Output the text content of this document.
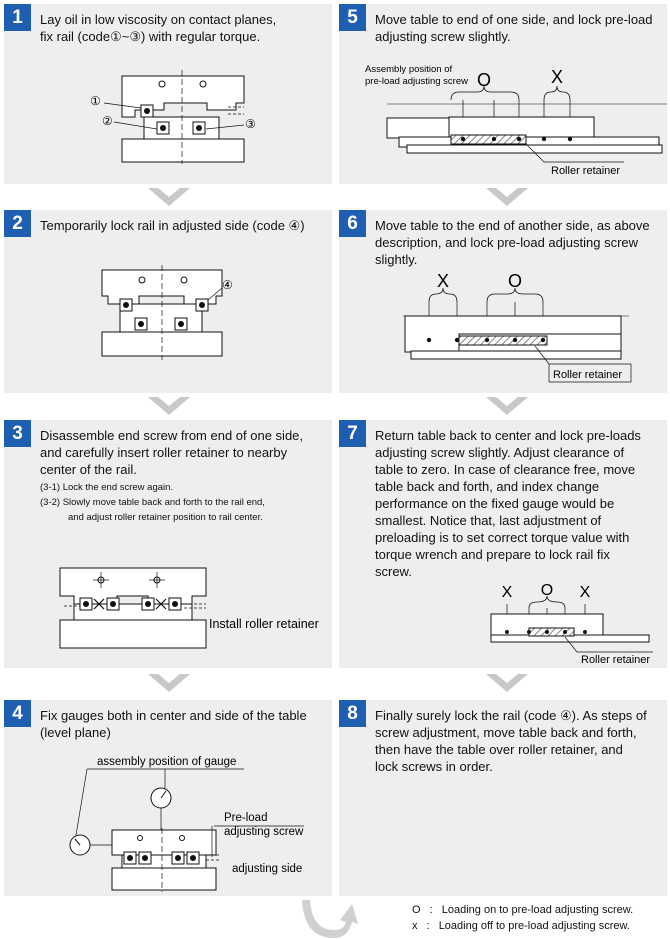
1	Lay oil in low viscosity on contact planes,
fix rail (code①~③) with regular torque.
①
②	③
2	Temporarily lock rail in adjusted side (code ④)
④
3	Disassemble end screw from end of one side,
and carefully insert roller retainer to nearby
center of the rail.
(3-1) Lock the end screw again.
(3-2) Slowly move table back and forth to the rail end,
and adjust roller retainer position to rail center.
Install roller retainer
4	Fix gauges both in center and side of the table
(level plane)
assembly position of gauge
Pre-load
adjusting screw
adjusting side
5	Move table to end of one side, and lock pre-load
adjusting screw slightly.
Assembly position of
pre-load adjusting screw O	X
Roller retainer
6	Move table to the end of another side, as above
description, and lock pre-load adjusting screw
slightly.
X	O
Roller retainer
7	Return table back to center and lock pre-loads
adjusting screw slightly. Adjust clearance of
table to zero. In case of clearance free, move
table back and forth, and index change
performance on the fixed gauge would be
smallest. Notice that, last adjustment of
preloading is to set correct torque value with
torque wrench and prepare to lock rail fix
screw.
X O X
Roller retainer
8	Finally surely lock the rail (code ④). As steps of
screw adjustment, move table back and forth,
then have the table over roller retainer, and
lock screws in order.
O : Loading on to pre-load adjusting screw.
x : Loading off to pre-load adjusting screw.
